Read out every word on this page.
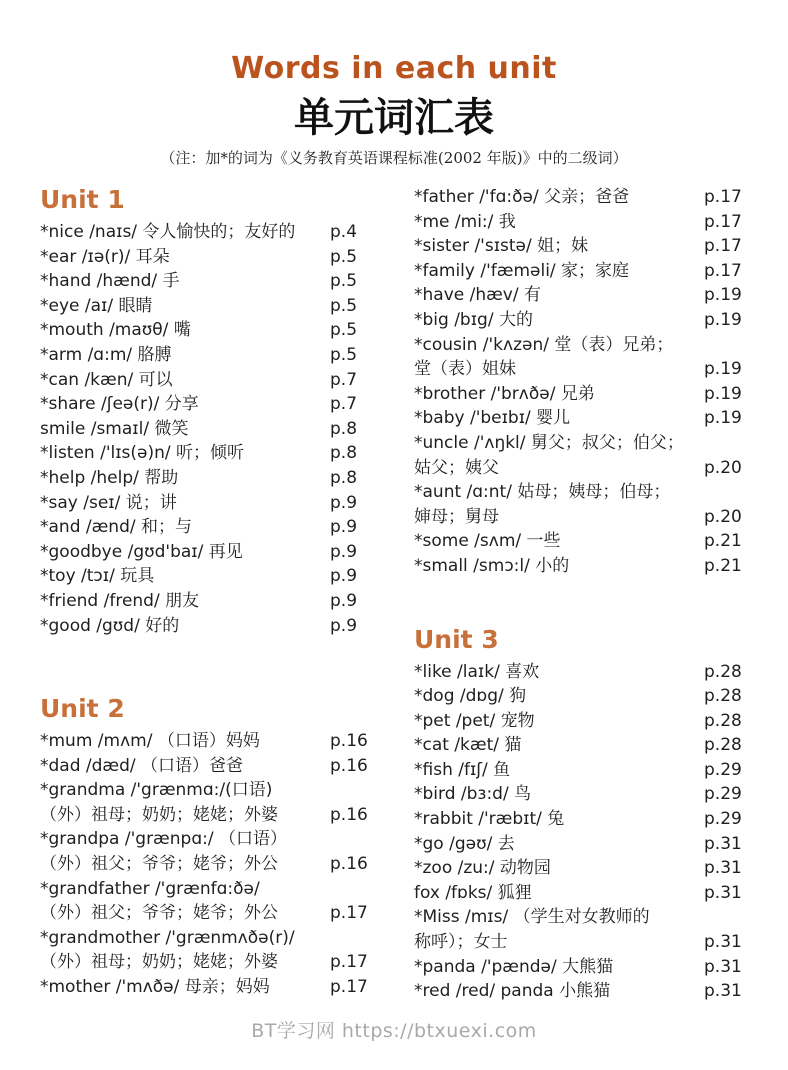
Words in each unit
单元词汇表
（注：加*的词为《义务教育英语课程标准(2002 年版)》中的二级词）
Unit 1
*nice /naɪs/ 令人愉快的；友好的	p.4
*ear /ɪə(r)/ 耳朵	p.5
*hand /hænd/ 手	p.5
*eye /aɪ/ 眼睛	p.5
*mouth /maʊθ/ 嘴	p.5
*arm /ɑ:m/ 胳膊	p.5
*can /kæn/ 可以	p.7
*share /ʃeə(r)/ 分享	p.7
smile /smaɪl/ 微笑	p.8
*listen /'lɪs(ə)n/ 听；倾听	p.8
*help /help/ 帮助	p.8
*say /seɪ/ 说；讲	p.9
*and /ænd/ 和；与	p.9
*goodbye /gʊd'baɪ/ 再见	p.9
*toy /tɔɪ/ 玩具	p.9
*friend /frend/ 朋友	p.9
*good /gʊd/ 好的	p.9
Unit 2
*mum /mʌm/ （口语）妈妈	p.16
*dad /dæd/ （口语）爸爸	p.16
*grandma /'grænmɑ:/(口语)
（外）祖母；奶奶；姥姥；外婆	p.16
*grandpa /'grænpɑ:/ （口语）
（外）祖父；爷爷；姥爷；外公	p.16
*grandfather /'grænfɑ:ðə/
（外）祖父；爷爷；姥爷；外公	p.17
*grandmother /'grænmʌðə(r)/
（外）祖母；奶奶；姥姥；外婆	p.17
*mother /'mʌðə/ 母亲；妈妈	p.17
*father /'fɑ:ðə/ 父亲；爸爸	p.17
*me /mi:/ 我	p.17
*sister /'sɪstə/ 姐；妹	p.17
*family /'fæməli/ 家；家庭	p.17
*have /hæv/ 有	p.19
*big /bɪg/ 大的	p.19
*cousin /'kʌzən/ 堂（表）兄弟；
堂（表）姐妹	p.19
*brother /'brʌðə/ 兄弟	p.19
*baby /'beɪbɪ/ 婴儿	p.19
*uncle /'ʌŋkl/ 舅父；叔父；伯父；
姑父；姨父	p.20
*aunt /ɑ:nt/ 姑母；姨母；伯母；
婶母；舅母	p.20
*some /sʌm/ 一些	p.21
*small /smɔ:l/ 小的	p.21
Unit 3
*like /laɪk/ 喜欢	p.28
*dog /dɒg/ 狗	p.28
*pet /pet/ 宠物	p.28
*cat /kæt/ 猫	p.28
*fish /fɪʃ/ 鱼	p.29
*bird /bɜ:d/ 鸟	p.29
*rabbit /'ræbɪt/ 兔	p.29
*go /gəʊ/ 去	p.31
*zoo /zu:/ 动物园	p.31
fox /fɒks/ 狐狸	p.31
*Miss /mɪs/ （学生对女教师的
称呼）；女士	p.31
*panda /'pændə/ 大熊猫	p.31
*red /red/ panda 小熊猫	p.31
BT学习网 https://btxuexi.com
